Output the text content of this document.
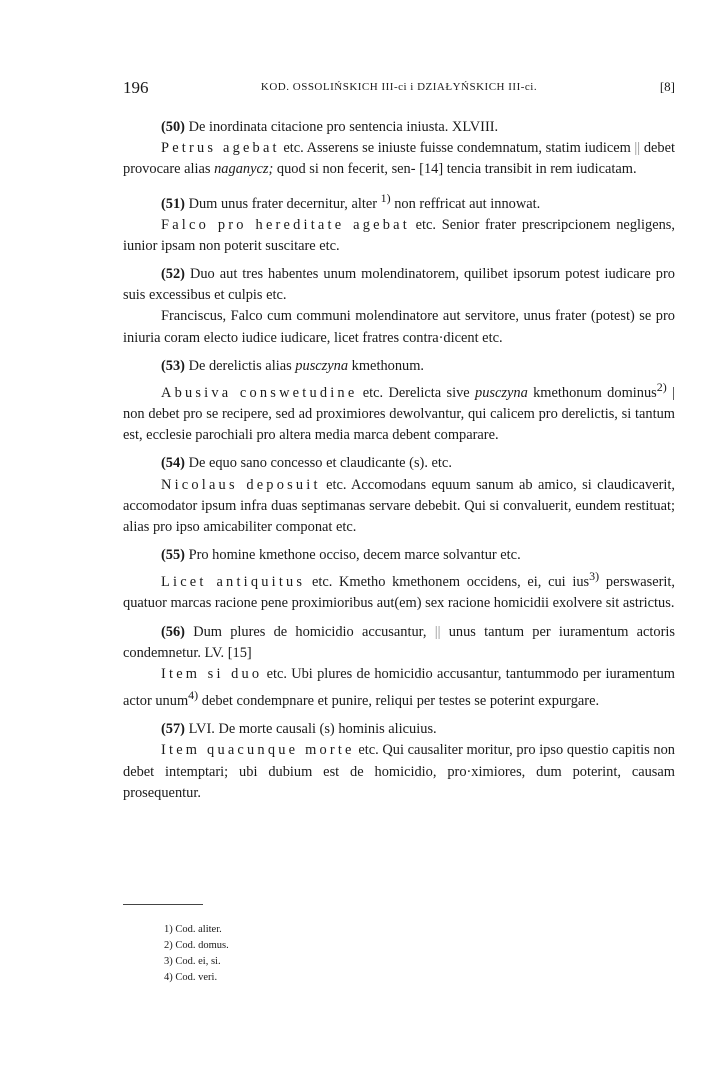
196	KOD. OSSOLIŃSKICH III-ci i DZIAŁYŃSKICH III-ci.	[8]

(50) De inordinata citacione pro sentencia iniusta. XLVIII.

Petrus agebat etc. Asserens se iniuste fuisse condemnatum, statim iudicem || debet provocare alias naganycz; quod si non fecerit, sen- [14] tencia transibit in rem iudicatam.

(51) Dum unus frater decernitur, alter $^{1)}$ non reffricat aut innowat.

Falco pro hereditate agebat etc. Senior frater prescripcionem negligens, iunior ipsam non poterit suscitare etc.

(52) Duo aut tres habentes unum molendinatorem, quilibet ipsorum potest iudicare pro suis excessibus et culpis etc.

Franciscus, Falco cum communi molendinatore aut servitore, unus frater (potest) se pro iniuria coram electo iudice iudicare, licet fratres contra·dicent etc.

(53) De derelictis alias pusczyna kmethonum.

Abusiva conswetudine etc. Derelicta sive pusczyna kmethonum dominus$^{2)}$ | non debet pro se recipere, sed ad proximiores dewolvantur, qui calicem pro derelictis, si tantum est, ecclesie parochiali pro altera media marca debent comparare.

(54) De equo sano concesso et claudicante (s). etc.

Nicolaus deposuit etc. Accomodans equum sanum ab amico, si claudicaverit, accomodator ipsum infra duas septimanas servare debebit. Qui si convaluerit, eundem restituat; alias pro ipso amicabiliter componat etc.

(55) Pro homine kmethone occiso, decem marce solvantur etc.

Licet antiquitus etc. Kmetho kmethonem occidens, ei, cui ius$^{3)}$ perswaserit, quatuor marcas racione pene proximioribus aut(em) sex racione homicidii exolvere sit astrictus.

(56) Dum plures de homicidio accusantur, || unus tantum per iuramentum actoris condemnetur. LV. [15]

Item si duo etc. Ubi plures de homicidio accusantur, tantummodo per iuramentum actor unum$^{4)}$ debet condempnare et punire, reliqui per testes se poterint expurgare.

(57) LVI. De morte causali (s) hominis alicuius.

Item quacunque morte etc. Qui causaliter moritur, pro ipso questio capitis non debet intemptari; ubi dubium est de homicidio, pro·ximiores, dum poterint, causam prosequentur.

1) Cod. aliter.
2) Cod. domus.
3) Cod. ei, si.
4) Cod. veri.
